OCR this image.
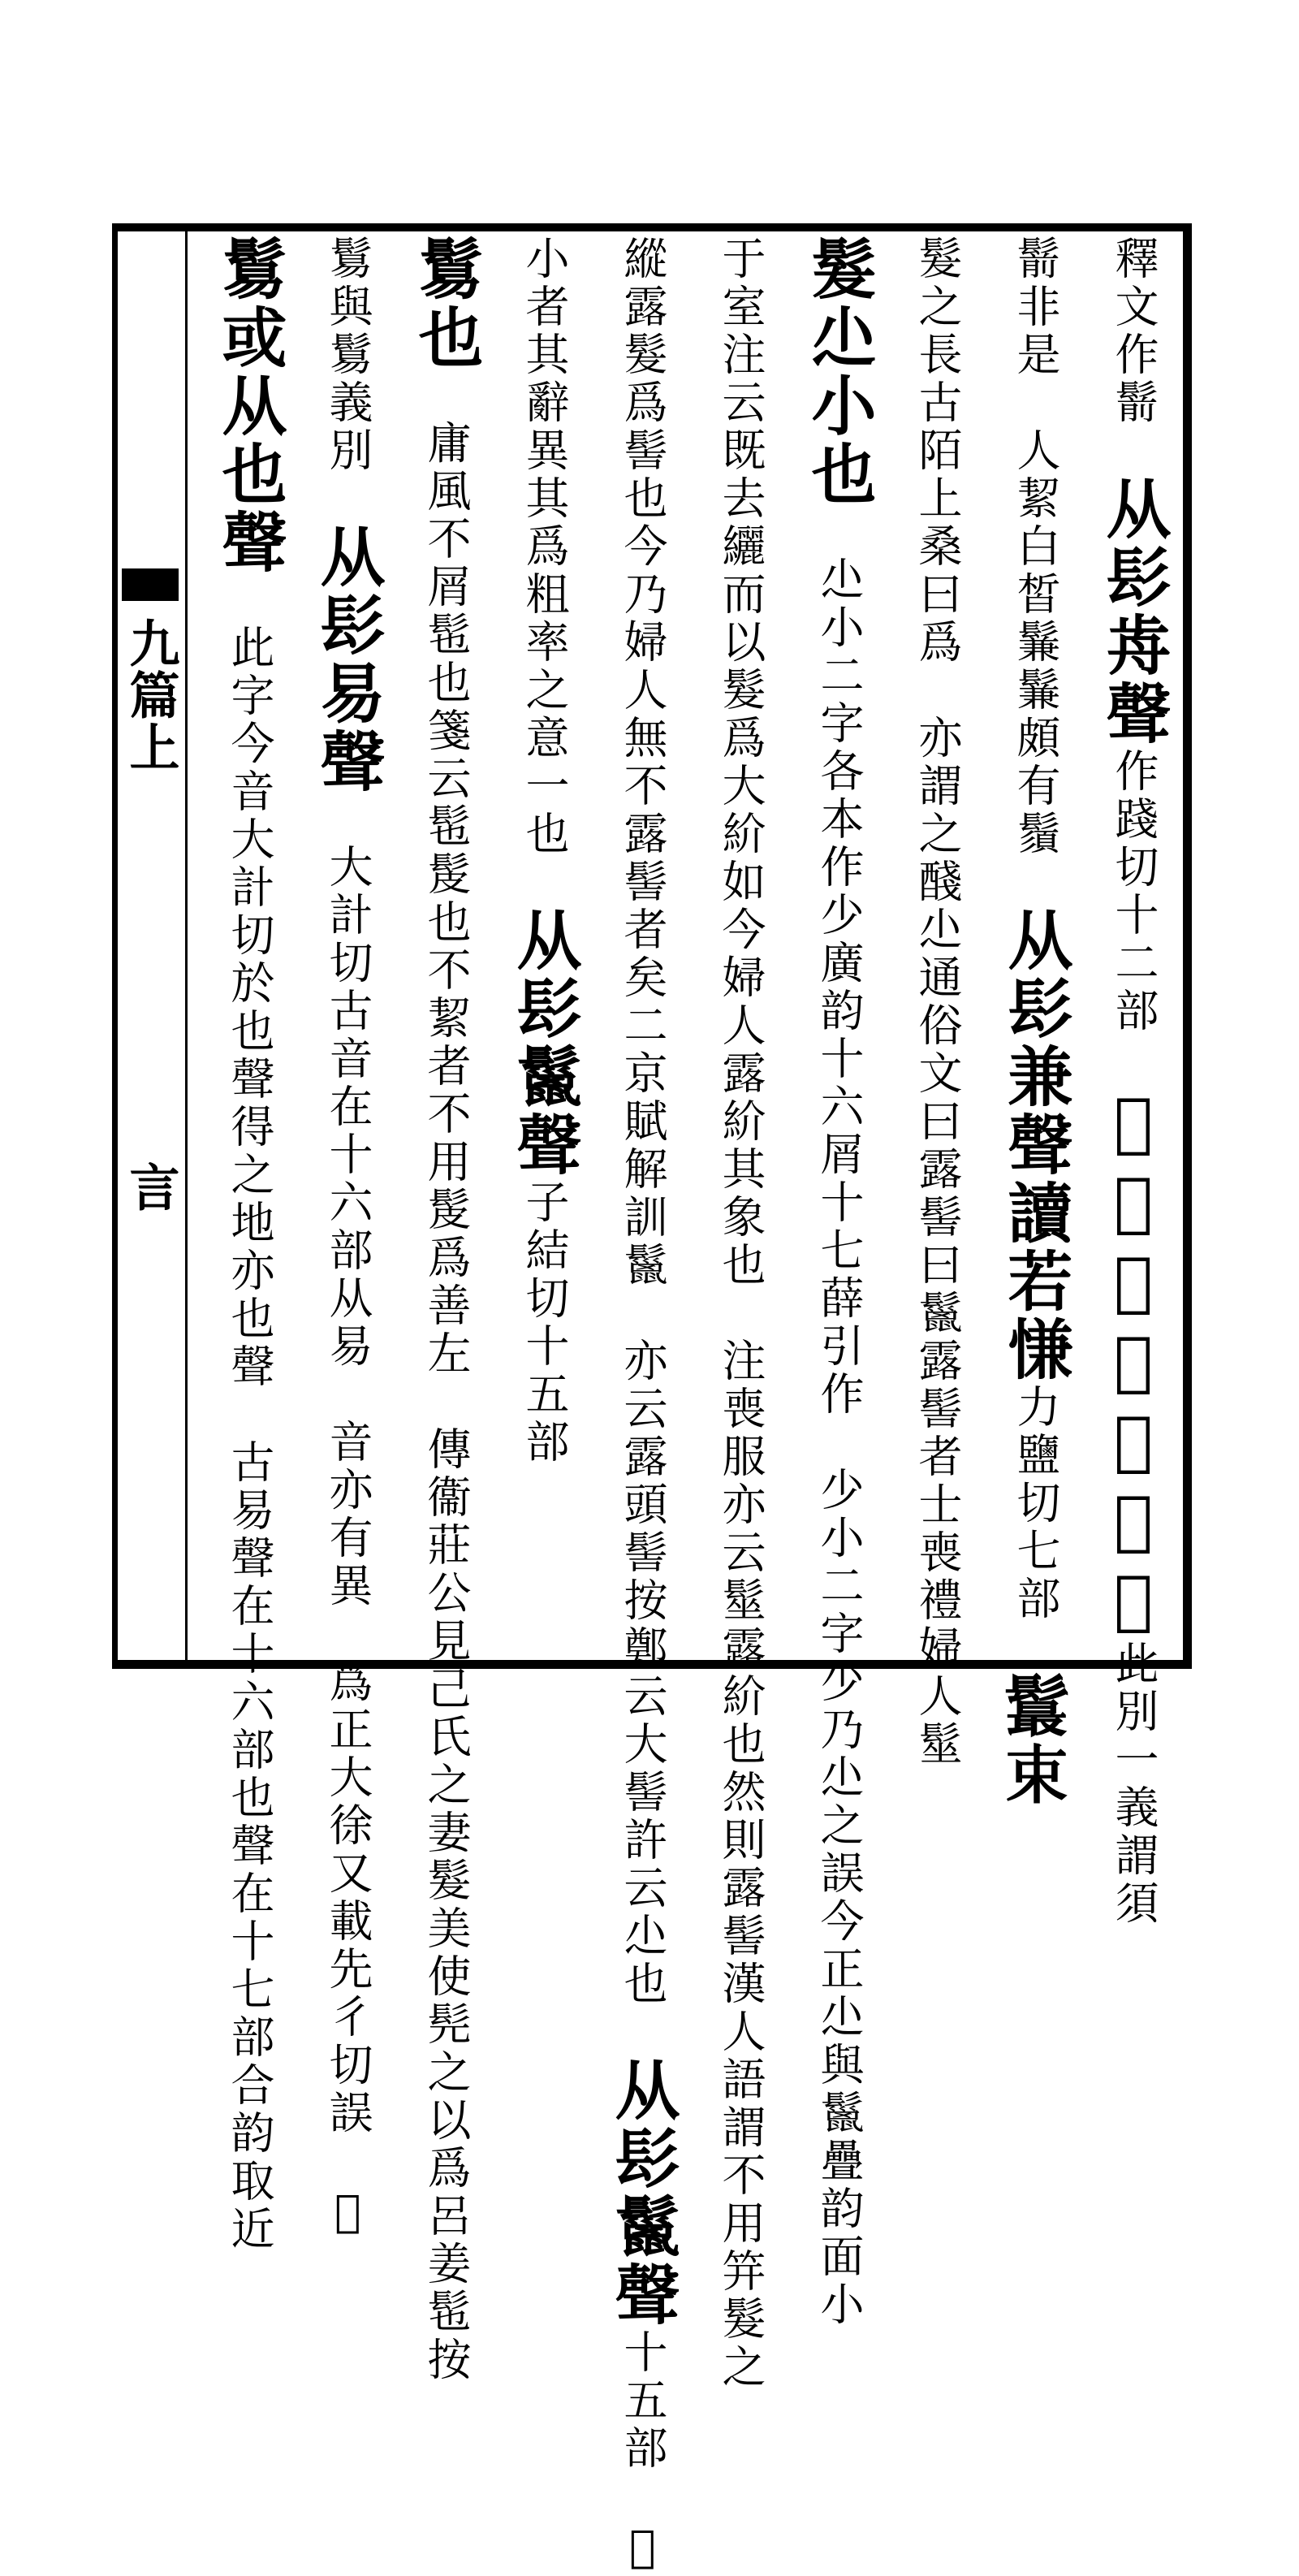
九篇上
言
釋文作鬋　从髟歬聲作踐切十二部　𩬬鬑也一曰長皃此別一義謂須
鬋非是　人絜白皙鬑鬑頗有鬚　从髟兼聲讀若慊力鹽切七部　𩯉束
髮之長古陌上桑曰爲　亦謂之醆尐通俗文曰露髻曰鬣露髻者士喪禮婦人髽
髮尐小也　尐小二字各本作少廣韵十六屑十七薛引作　少小二字少乃尐之誤今正尐與鬣疊韵面小
于室注云既去纚而以髮爲大紒如今婦人露紒其象也　注喪服亦云髽露紒也然則露髻漢人語謂不用笄髮之
縱露髮爲髻也今乃婦人無不露髻者矣二京賦解訓鬣　亦云露頭髻按鄭云大髻許云尐也　从髟鬣聲十五部　�
小者其辭異其爲粗率之意一也　从髟鬣聲子結切十五部
鬄也　庸風不屑髢也箋云髢髲也不絜者不用髲爲善左　傳衞莊公見己氏之妻髮美使髡之以爲呂姜髢按
鬄與鬄義別　从髟易聲　大計切古音在十六部从易　音亦有異　爲正大徐又載先彳切誤　�
鬄或从也聲　此字今音大計切於也聲得之地亦也聲　古易聲在十六部也聲在十七部合韵取近
